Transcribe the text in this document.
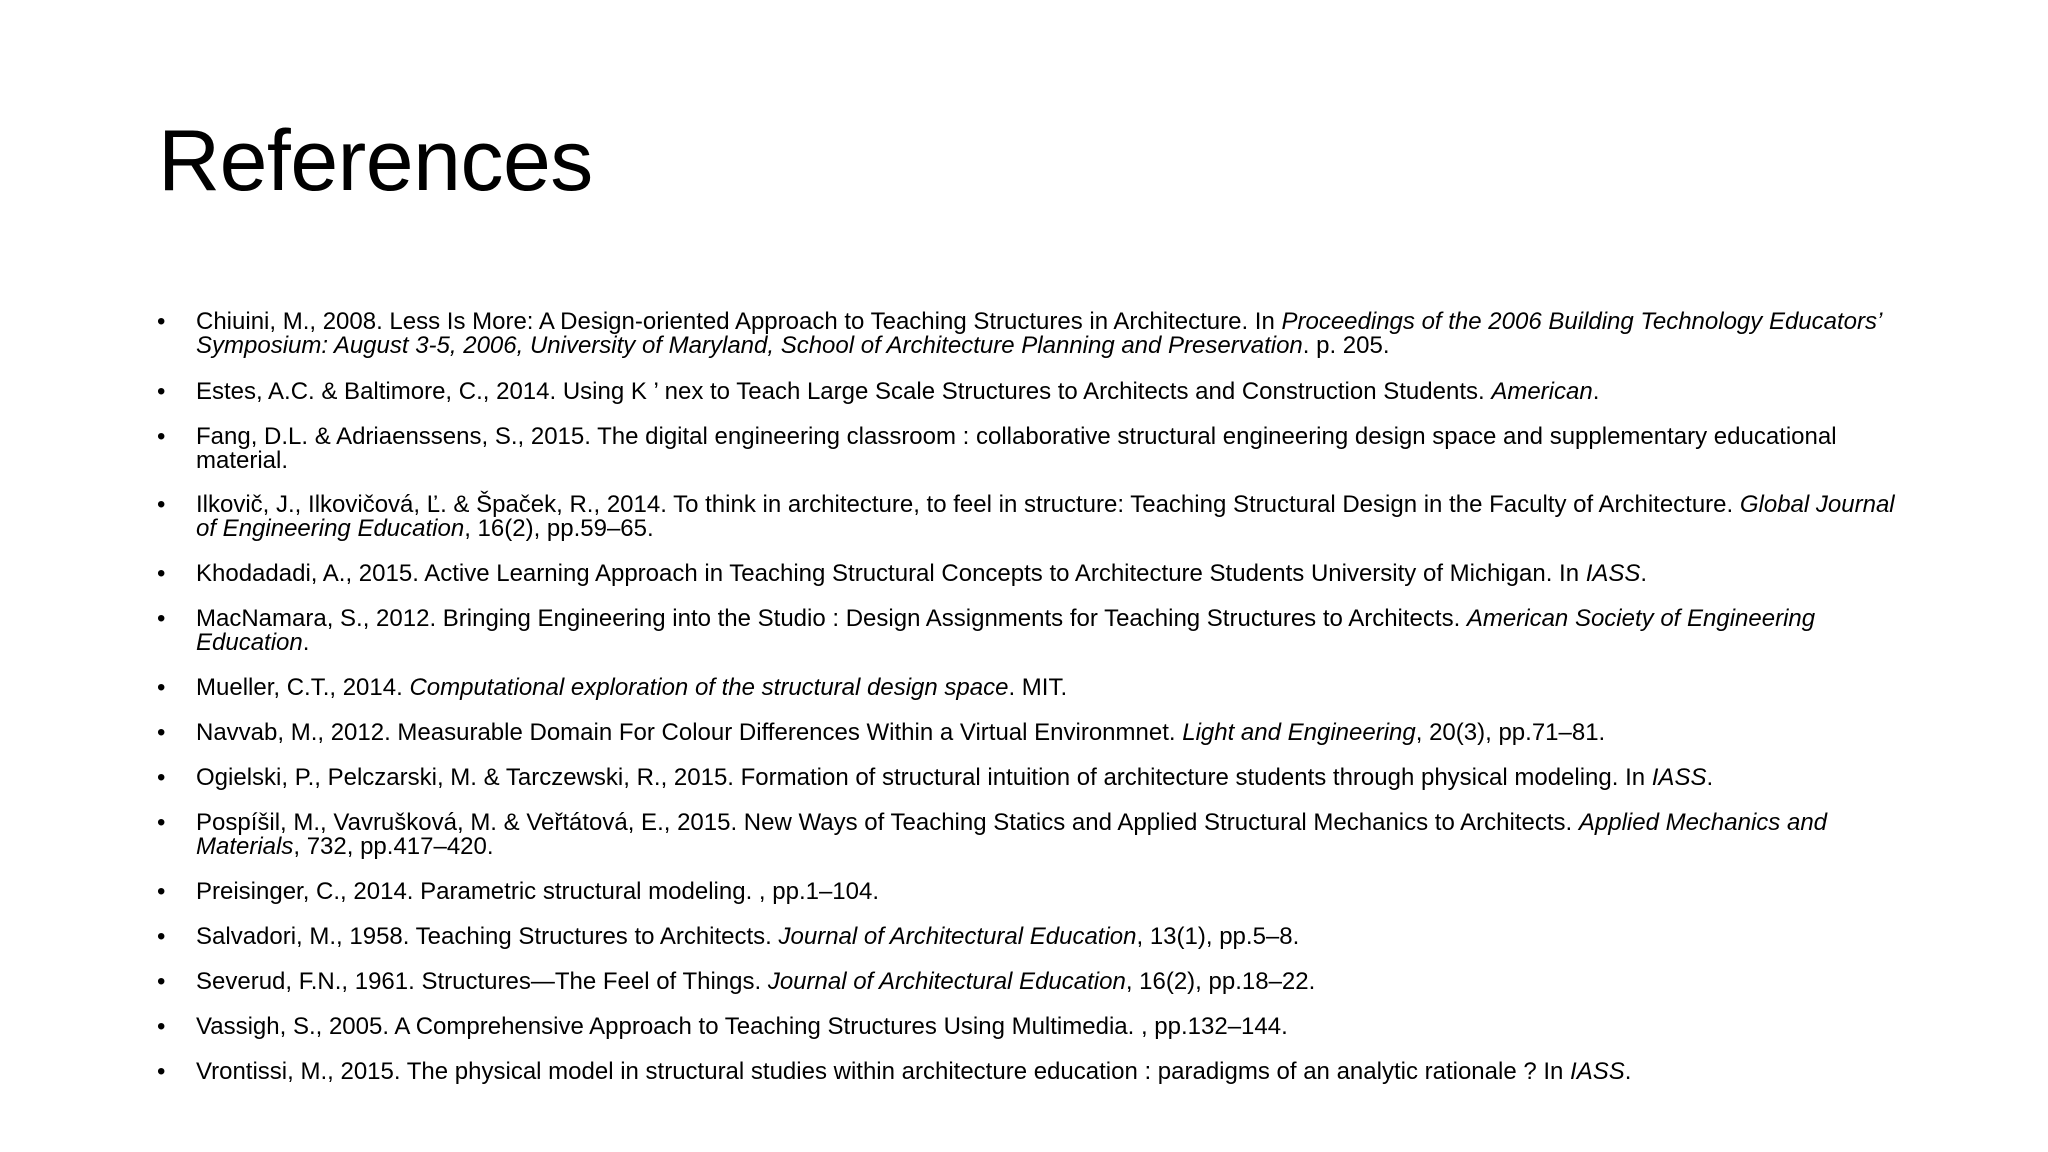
References
• Chiuini, M., 2008. Less Is More: A Design-oriented Approach to Teaching Structures in Architecture. In Proceedings of the 2006 Building Technology Educators’ Symposium: August 3-5, 2006, University of Maryland, School of Architecture Planning and Preservation. p. 205.
• Estes, A.C. & Baltimore, C., 2014. Using K ’ nex to Teach Large Scale Structures to Architects and Construction Students. American.
• Fang, D.L. & Adriaenssens, S., 2015. The digital engineering classroom : collaborative structural engineering design space and supplementary educational material.
• Ilkovič, J., Ilkovičová, Ľ. & Špaček, R., 2014. To think in architecture, to feel in structure: Teaching Structural Design in the Faculty of Architecture. Global Journal of Engineering Education, 16(2), pp.59–65.
• Khodadadi, A., 2015. Active Learning Approach in Teaching Structural Concepts to Architecture Students University of Michigan. In IASS.
• MacNamara, S., 2012. Bringing Engineering into the Studio : Design Assignments for Teaching Structures to Architects. American Society of Engineering Education.
• Mueller, C.T., 2014. Computational exploration of the structural design space. MIT.
• Navvab, M., 2012. Measurable Domain For Colour Differences Within a Virtual Environmnet. Light and Engineering, 20(3), pp.71–81.
• Ogielski, P., Pelczarski, M. & Tarczewski, R., 2015. Formation of structural intuition of architecture students through physical modeling. In IASS.
• Pospíšil, M., Vavrušková, M. & Veřtátová, E., 2015. New Ways of Teaching Statics and Applied Structural Mechanics to Architects. Applied Mechanics and Materials, 732, pp.417–420.
• Preisinger, C., 2014. Parametric structural modeling. , pp.1–104.
• Salvadori, M., 1958. Teaching Structures to Architects. Journal of Architectural Education, 13(1), pp.5–8.
• Severud, F.N., 1961. Structures—The Feel of Things. Journal of Architectural Education, 16(2), pp.18–22.
• Vassigh, S., 2005. A Comprehensive Approach to Teaching Structures Using Multimedia. , pp.132–144.
• Vrontissi, M., 2015. The physical model in structural studies within architecture education : paradigms of an analytic rationale ? In IASS.
